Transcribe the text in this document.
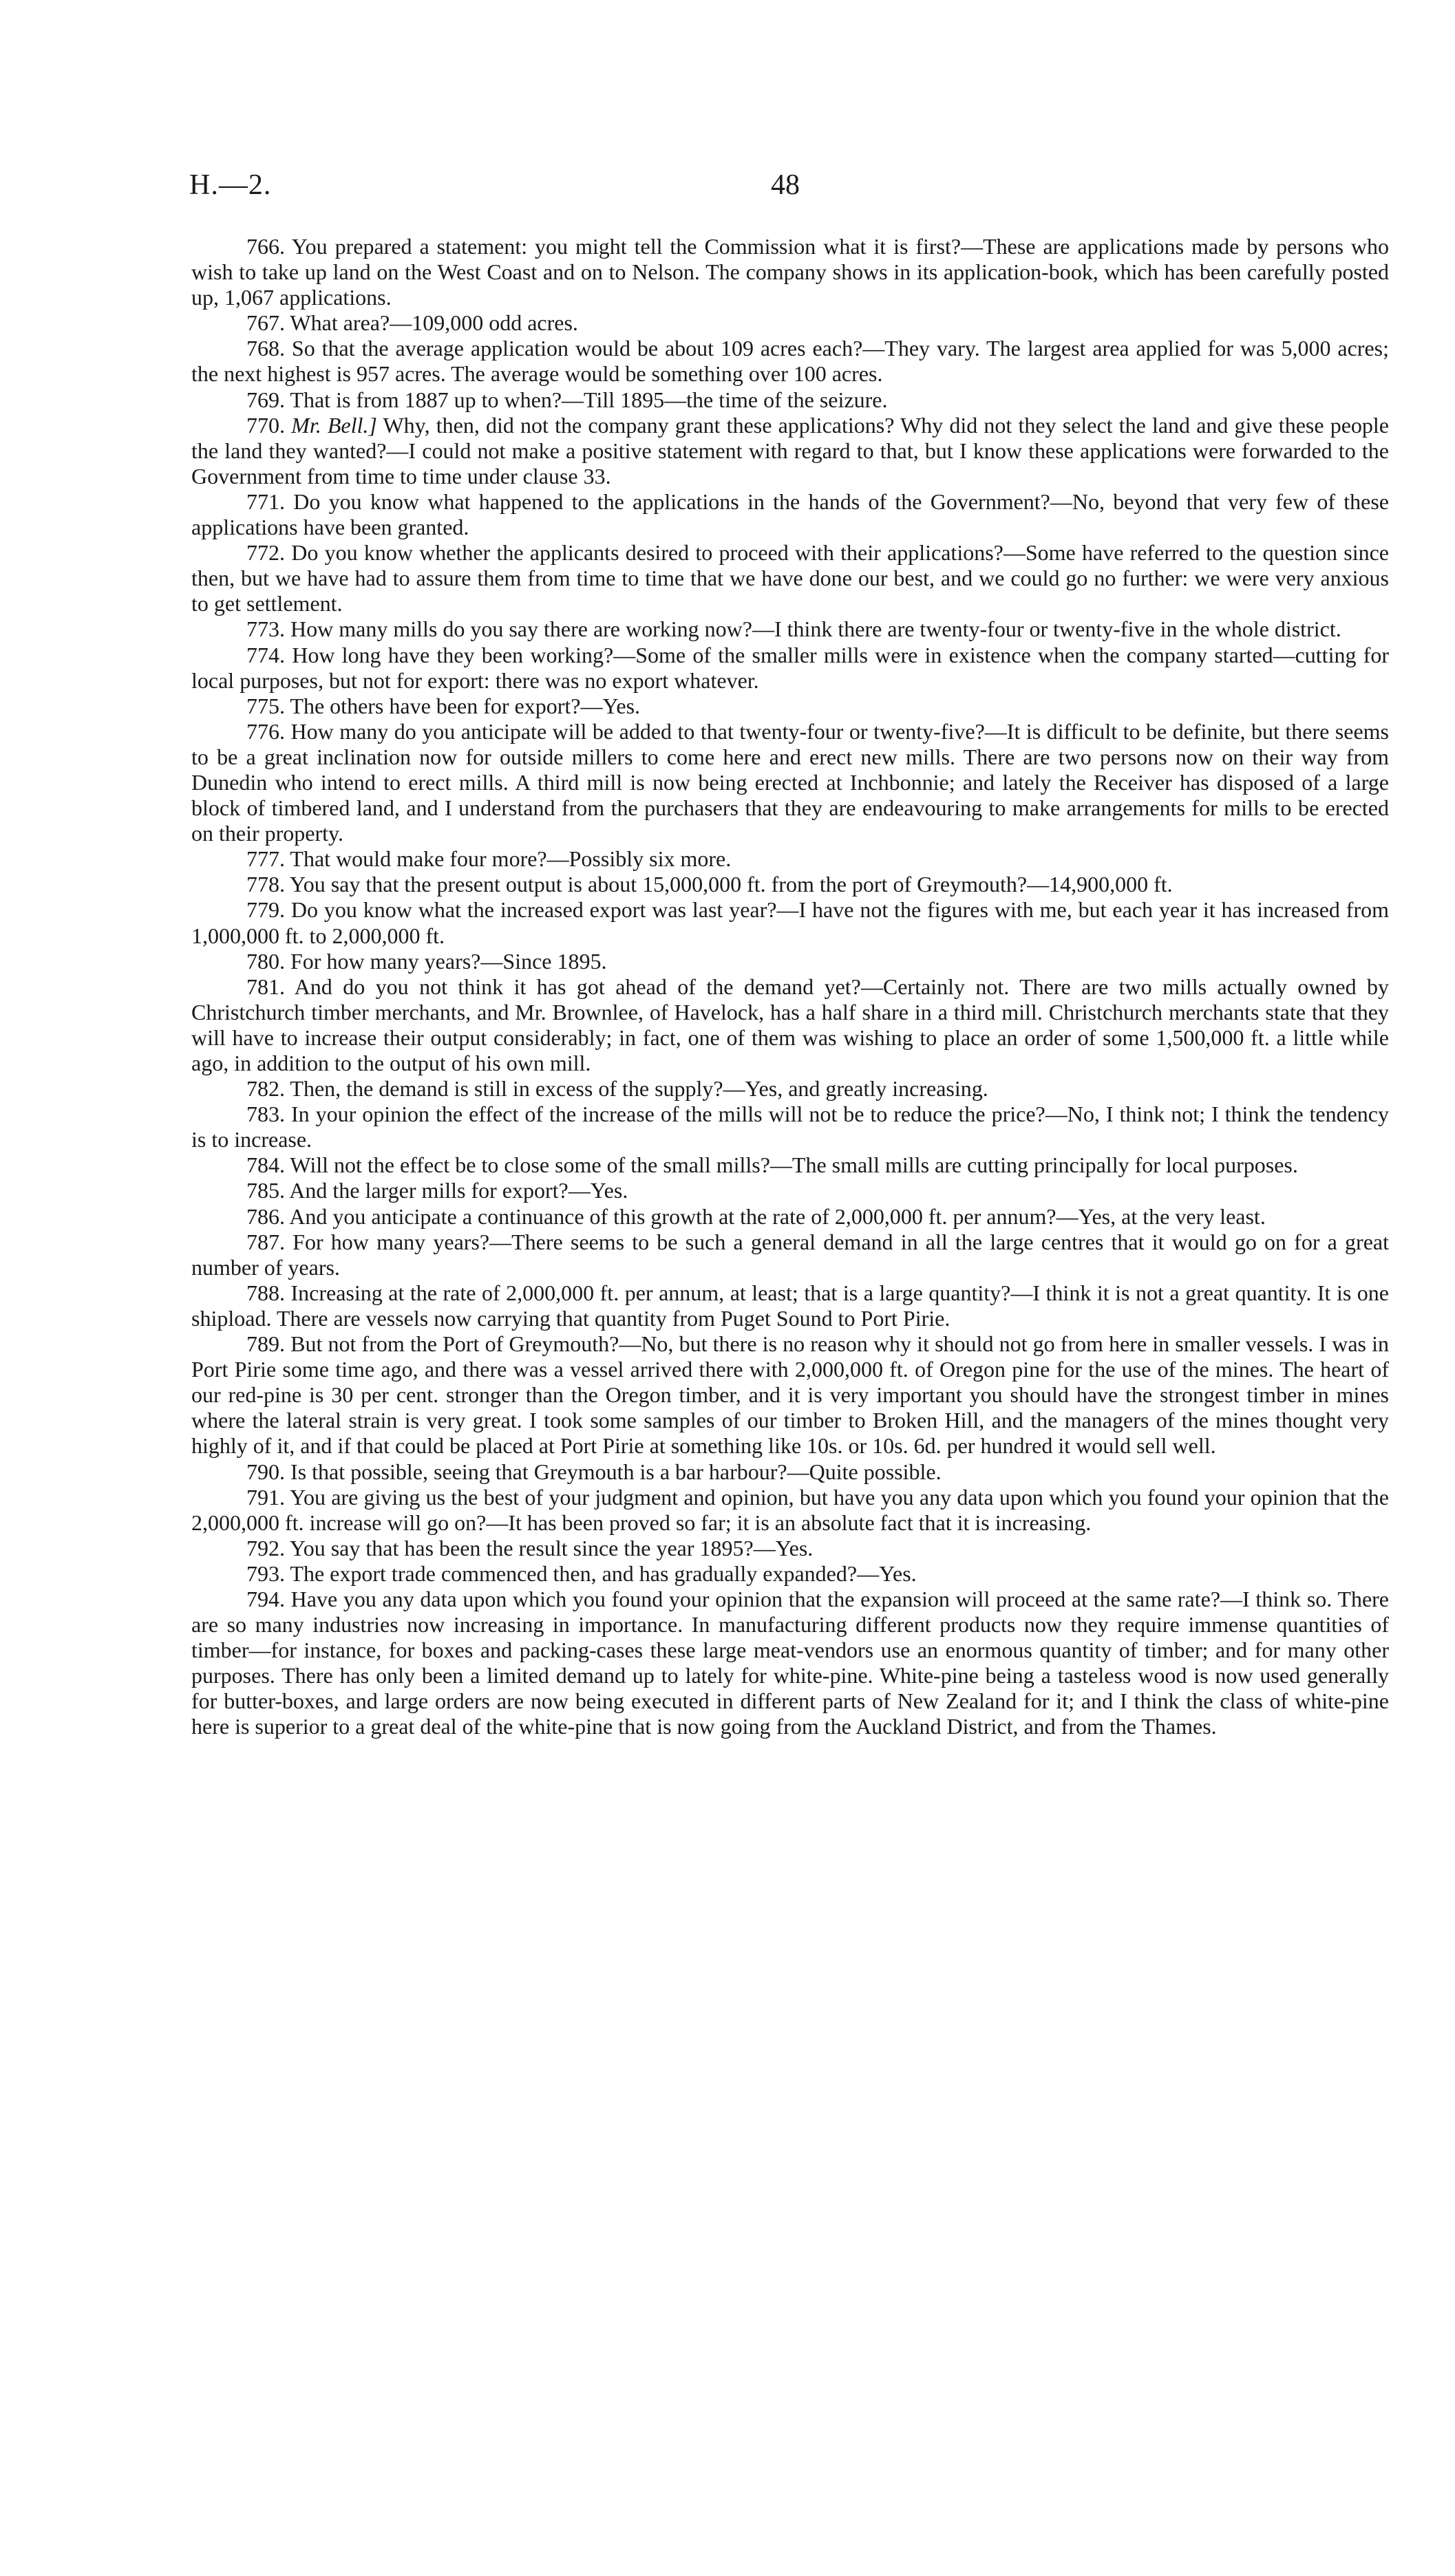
H.—2.	48

766. You prepared a statement: you might tell the Commission what it is first?—These are applications made by persons who wish to take up land on the West Coast and on to Nelson. The company shows in its application-book, which has been carefully posted up, 1,067 applications.

767. What area?—109,000 odd acres.

768. So that the average application would be about 109 acres each?—They vary. The largest area applied for was 5,000 acres; the next highest is 957 acres. The average would be something over 100 acres.

769. That is from 1887 up to when?—Till 1895—the time of the seizure.

770. Mr. Bell.] Why, then, did not the company grant these applications? Why did not they select the land and give these people the land they wanted?—I could not make a positive statement with regard to that, but I know these applications were forwarded to the Government from time to time under clause 33.

771. Do you know what happened to the applications in the hands of the Government?—No, beyond that very few of these applications have been granted.

772. Do you know whether the applicants desired to proceed with their applications?—Some have referred to the question since then, but we have had to assure them from time to time that we have done our best, and we could go no further: we were very anxious to get settlement.

773. How many mills do you say there are working now?—I think there are twenty-four or twenty-five in the whole district.

774. How long have they been working?—Some of the smaller mills were in existence when the company started—cutting for local purposes, but not for export: there was no export whatever.

775. The others have been for export?—Yes.

776. How many do you anticipate will be added to that twenty-four or twenty-five?—It is difficult to be definite, but there seems to be a great inclination now for outside millers to come here and erect new mills. There are two persons now on their way from Dunedin who intend to erect mills. A third mill is now being erected at Inchbonnie; and lately the Receiver has disposed of a large block of timbered land, and I understand from the purchasers that they are endeavouring to make arrangements for mills to be erected on their property.

777. That would make four more?—Possibly six more.

778. You say that the present output is about 15,000,000 ft. from the port of Greymouth?—14,900,000 ft.

779. Do you know what the increased export was last year?—I have not the figures with me, but each year it has increased from 1,000,000 ft. to 2,000,000 ft.

780. For how many years?—Since 1895.

781. And do you not think it has got ahead of the demand yet?—Certainly not. There are two mills actually owned by Christchurch timber merchants, and Mr. Brownlee, of Havelock, has a half share in a third mill. Christchurch merchants state that they will have to increase their output considerably; in fact, one of them was wishing to place an order of some 1,500,000 ft. a little while ago, in addition to the output of his own mill.

782. Then, the demand is still in excess of the supply?—Yes, and greatly increasing.

783. In your opinion the effect of the increase of the mills will not be to reduce the price?—No, I think not; I think the tendency is to increase.

784. Will not the effect be to close some of the small mills?—The small mills are cutting principally for local purposes.

785. And the larger mills for export?—Yes.

786. And you anticipate a continuance of this growth at the rate of 2,000,000 ft. per annum?—Yes, at the very least.

787. For how many years?—There seems to be such a general demand in all the large centres that it would go on for a great number of years.

788. Increasing at the rate of 2,000,000 ft. per annum, at least; that is a large quantity?—I think it is not a great quantity. It is one shipload. There are vessels now carrying that quantity from Puget Sound to Port Pirie.

789. But not from the Port of Greymouth?—No, but there is no reason why it should not go from here in smaller vessels. I was in Port Pirie some time ago, and there was a vessel arrived there with 2,000,000 ft. of Oregon pine for the use of the mines. The heart of our red-pine is 30 per cent. stronger than the Oregon timber, and it is very important you should have the strongest timber in mines where the lateral strain is very great. I took some samples of our timber to Broken Hill, and the managers of the mines thought very highly of it, and if that could be placed at Port Pirie at something like 10s. or 10s. 6d. per hundred it would sell well.

790. Is that possible, seeing that Greymouth is a bar harbour?—Quite possible.

791. You are giving us the best of your judgment and opinion, but have you any data upon which you found your opinion that the 2,000,000 ft. increase will go on?—It has been proved so far; it is an absolute fact that it is increasing.

792. You say that has been the result since the year 1895?—Yes.

793. The export trade commenced then, and has gradually expanded?—Yes.

794. Have you any data upon which you found your opinion that the expansion will proceed at the same rate?—I think so. There are so many industries now increasing in importance. In manufacturing different products now they require immense quantities of timber—for instance, for boxes and packing-cases these large meat-vendors use an enormous quantity of timber; and for many other purposes. There has only been a limited demand up to lately for white-pine. White-pine being a tasteless wood is now used generally for butter-boxes, and large orders are now being executed in different parts of New Zealand for it; and I think the class of white-pine here is superior to a great deal of the white-pine that is now going from the Auckland District, and from the Thames.
